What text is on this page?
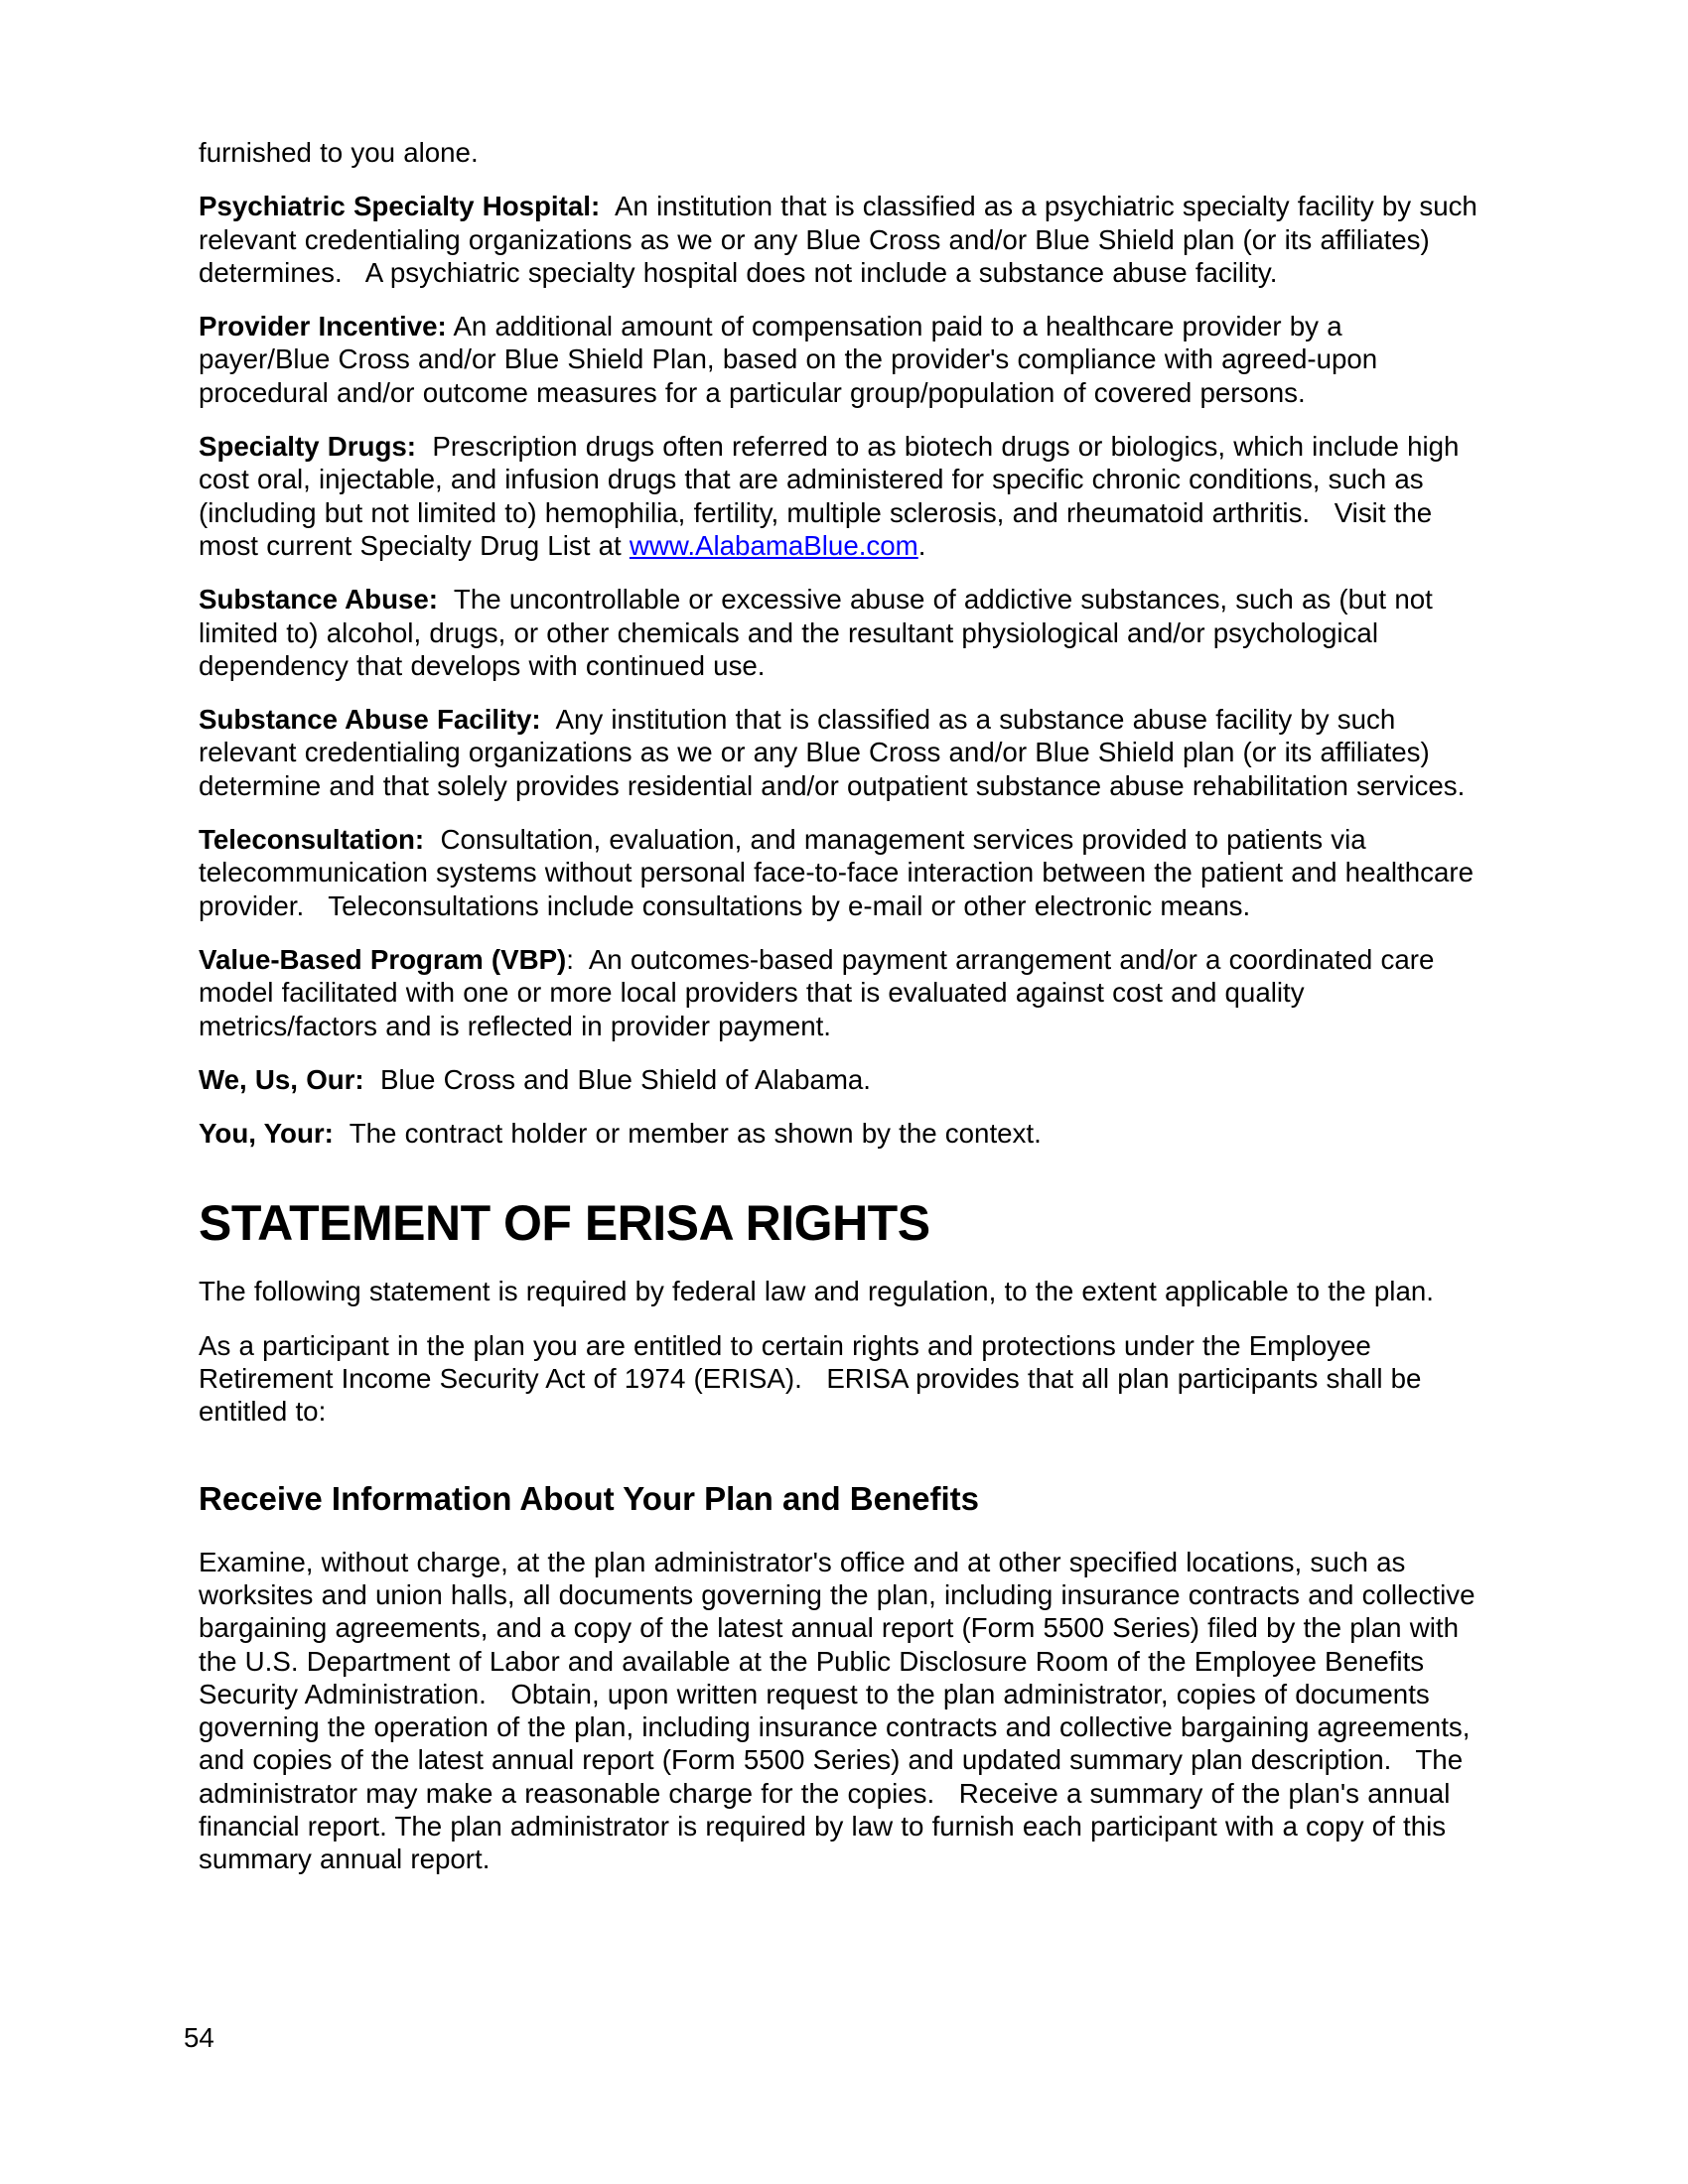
furnished to you alone.

Psychiatric Specialty Hospital:  An institution that is classified as a psychiatric specialty facility by such relevant credentialing organizations as we or any Blue Cross and/or Blue Shield plan (or its affiliates) determines.   A psychiatric specialty hospital does not include a substance abuse facility.

Provider Incentive: An additional amount of compensation paid to a healthcare provider by a payer/Blue Cross and/or Blue Shield Plan, based on the provider's compliance with agreed-upon procedural and/or outcome measures for a particular group/population of covered persons.

Specialty Drugs:  Prescription drugs often referred to as biotech drugs or biologics, which include high cost oral, injectable, and infusion drugs that are administered for specific chronic conditions, such as (including but not limited to) hemophilia, fertility, multiple sclerosis, and rheumatoid arthritis.   Visit the most current Specialty Drug List at www.AlabamaBlue.com.

Substance Abuse:  The uncontrollable or excessive abuse of addictive substances, such as (but not limited to) alcohol, drugs, or other chemicals and the resultant physiological and/or psychological dependency that develops with continued use.

Substance Abuse Facility:  Any institution that is classified as a substance abuse facility by such relevant credentialing organizations as we or any Blue Cross and/or Blue Shield plan (or its affiliates) determine and that solely provides residential and/or outpatient substance abuse rehabilitation services.

Teleconsultation:  Consultation, evaluation, and management services provided to patients via telecommunication systems without personal face-to-face interaction between the patient and healthcare provider.   Teleconsultations include consultations by e-mail or other electronic means.

Value-Based Program (VBP):  An outcomes-based payment arrangement and/or a coordinated care model facilitated with one or more local providers that is evaluated against cost and quality metrics/factors and is reflected in provider payment.

We, Us, Our:  Blue Cross and Blue Shield of Alabama.

You, Your:  The contract holder or member as shown by the context.

STATEMENT OF ERISA RIGHTS

The following statement is required by federal law and regulation, to the extent applicable to the plan.

As a participant in the plan you are entitled to certain rights and protections under the Employee Retirement Income Security Act of 1974 (ERISA).   ERISA provides that all plan participants shall be entitled to:

Receive Information About Your Plan and Benefits

Examine, without charge, at the plan administrator's office and at other specified locations, such as worksites and union halls, all documents governing the plan, including insurance contracts and collective bargaining agreements, and a copy of the latest annual report (Form 5500 Series) filed by the plan with the U.S. Department of Labor and available at the Public Disclosure Room of the Employee Benefits Security Administration.   Obtain, upon written request to the plan administrator, copies of documents governing the operation of the plan, including insurance contracts and collective bargaining agreements, and copies of the latest annual report (Form 5500 Series) and updated summary plan description.   The administrator may make a reasonable charge for the copies.   Receive a summary of the plan's annual financial report. The plan administrator is required by law to furnish each participant with a copy of this summary annual report.

54
